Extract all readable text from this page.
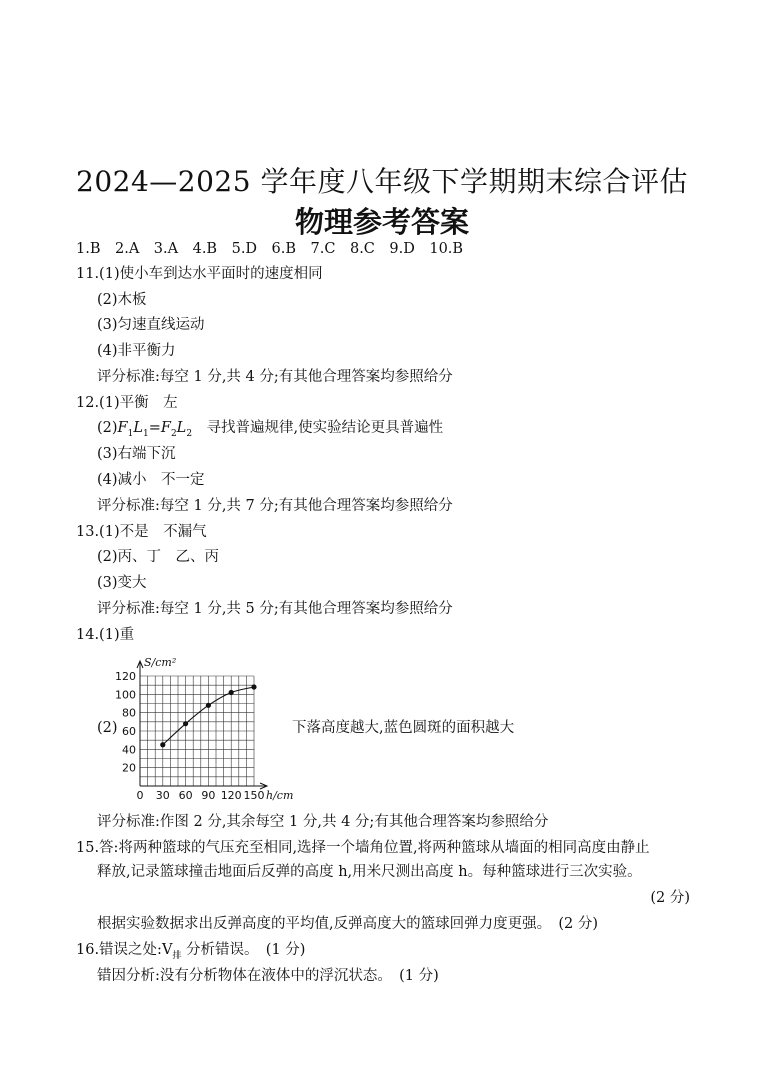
2024—2025 学年度八年级下学期期末综合评估
物理参考答案
1.B　2.A　3.A　4.B　5.D　6.B　7.C　8.C　9.D　10.B
11.(1)使小车到达水平面时的速度相同
(2)木板
(3)匀速直线运动
(4)非平衡力
评分标准:每空 1 分,共 4 分;有其他合理答案均参照给分
12.(1)平衡　左
$(2)F_1L_1=F_2L_2$　寻找普遍规律,使实验结论更具普遍性
(3)右端下沉
(4)减小　不一定
评分标准:每空 1 分,共 7 分;有其他合理答案均参照给分
13.(1)不是　不漏气
(2)丙、丁　乙、丙
(3)变大
评分标准:每空 1 分,共 5 分;有其他合理答案均参照给分
14.(1)重
(2)
0 30 60 90 120 150
20
40
60
80
100
120
S/cm²
h/cm
下落高度越大,蓝色圆斑的面积越大
评分标准:作图 2 分,其余每空 1 分,共 4 分;有其他合理答案均参照给分
15.答:将两种篮球的气压充至相同,选择一个墙角位置,将两种篮球从墙面的相同高度由静止
释放,记录篮球撞击地面后反弹的高度 h,用米尺测出高度 h。每种篮球进行三次实验。
(2 分)
根据实验数据求出反弹高度的平均值,反弹高度大的篮球回弹力度更强。　(2 分)
16.错误之处$:V_排$ 分析错误。　(1 分)
错因分析:没有分析物体在液体中的浮沉状态。　(1 分)
